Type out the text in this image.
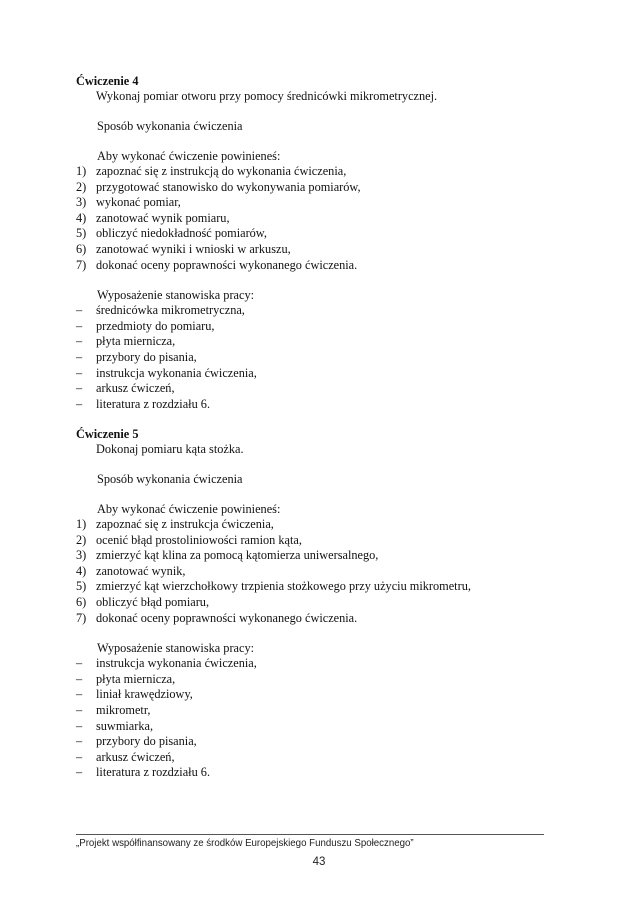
Ćwiczenie 4
Wykonaj pomiar otworu przy pomocy średnicówki mikrometrycznej.
Sposób wykonania ćwiczenia
Aby wykonać ćwiczenie powinieneś:
1) zapoznać się z instrukcją do wykonania ćwiczenia,
2) przygotować stanowisko do wykonywania pomiarów,
3) wykonać pomiar,
4) zanotować wynik pomiaru,
5) obliczyć niedokładność pomiarów,
6) zanotować wyniki i wnioski w arkuszu,
7) dokonać oceny poprawności wykonanego ćwiczenia.
Wyposażenie stanowiska pracy:
– średnicówka mikrometryczna,
– przedmioty do pomiaru,
– płyta miernicza,
– przybory do pisania,
– instrukcja wykonania ćwiczenia,
– arkusz ćwiczeń,
– literatura z rozdziału 6.
Ćwiczenie 5
Dokonaj pomiaru kąta stożka.
Sposób wykonania ćwiczenia
Aby wykonać ćwiczenie powinieneś:
1) zapoznać się z instrukcja ćwiczenia,
2) ocenić błąd prostoliniowości ramion kąta,
3) zmierzyć kąt klina za pomocą kątomierza uniwersalnego,
4) zanotować wynik,
5) zmierzyć kąt wierzchołkowy trzpienia stożkowego przy użyciu mikrometru,
6) obliczyć błąd pomiaru,
7) dokonać oceny poprawności wykonanego ćwiczenia.
Wyposażenie stanowiska pracy:
– instrukcja wykonania ćwiczenia,
– płyta miernicza,
– liniał krawędziowy,
– mikrometr,
– suwmiarka,
– przybory do pisania,
– arkusz ćwiczeń,
– literatura z rozdziału 6.
„Projekt współfinansowany ze środków Europejskiego Funduszu Społecznego”
43
